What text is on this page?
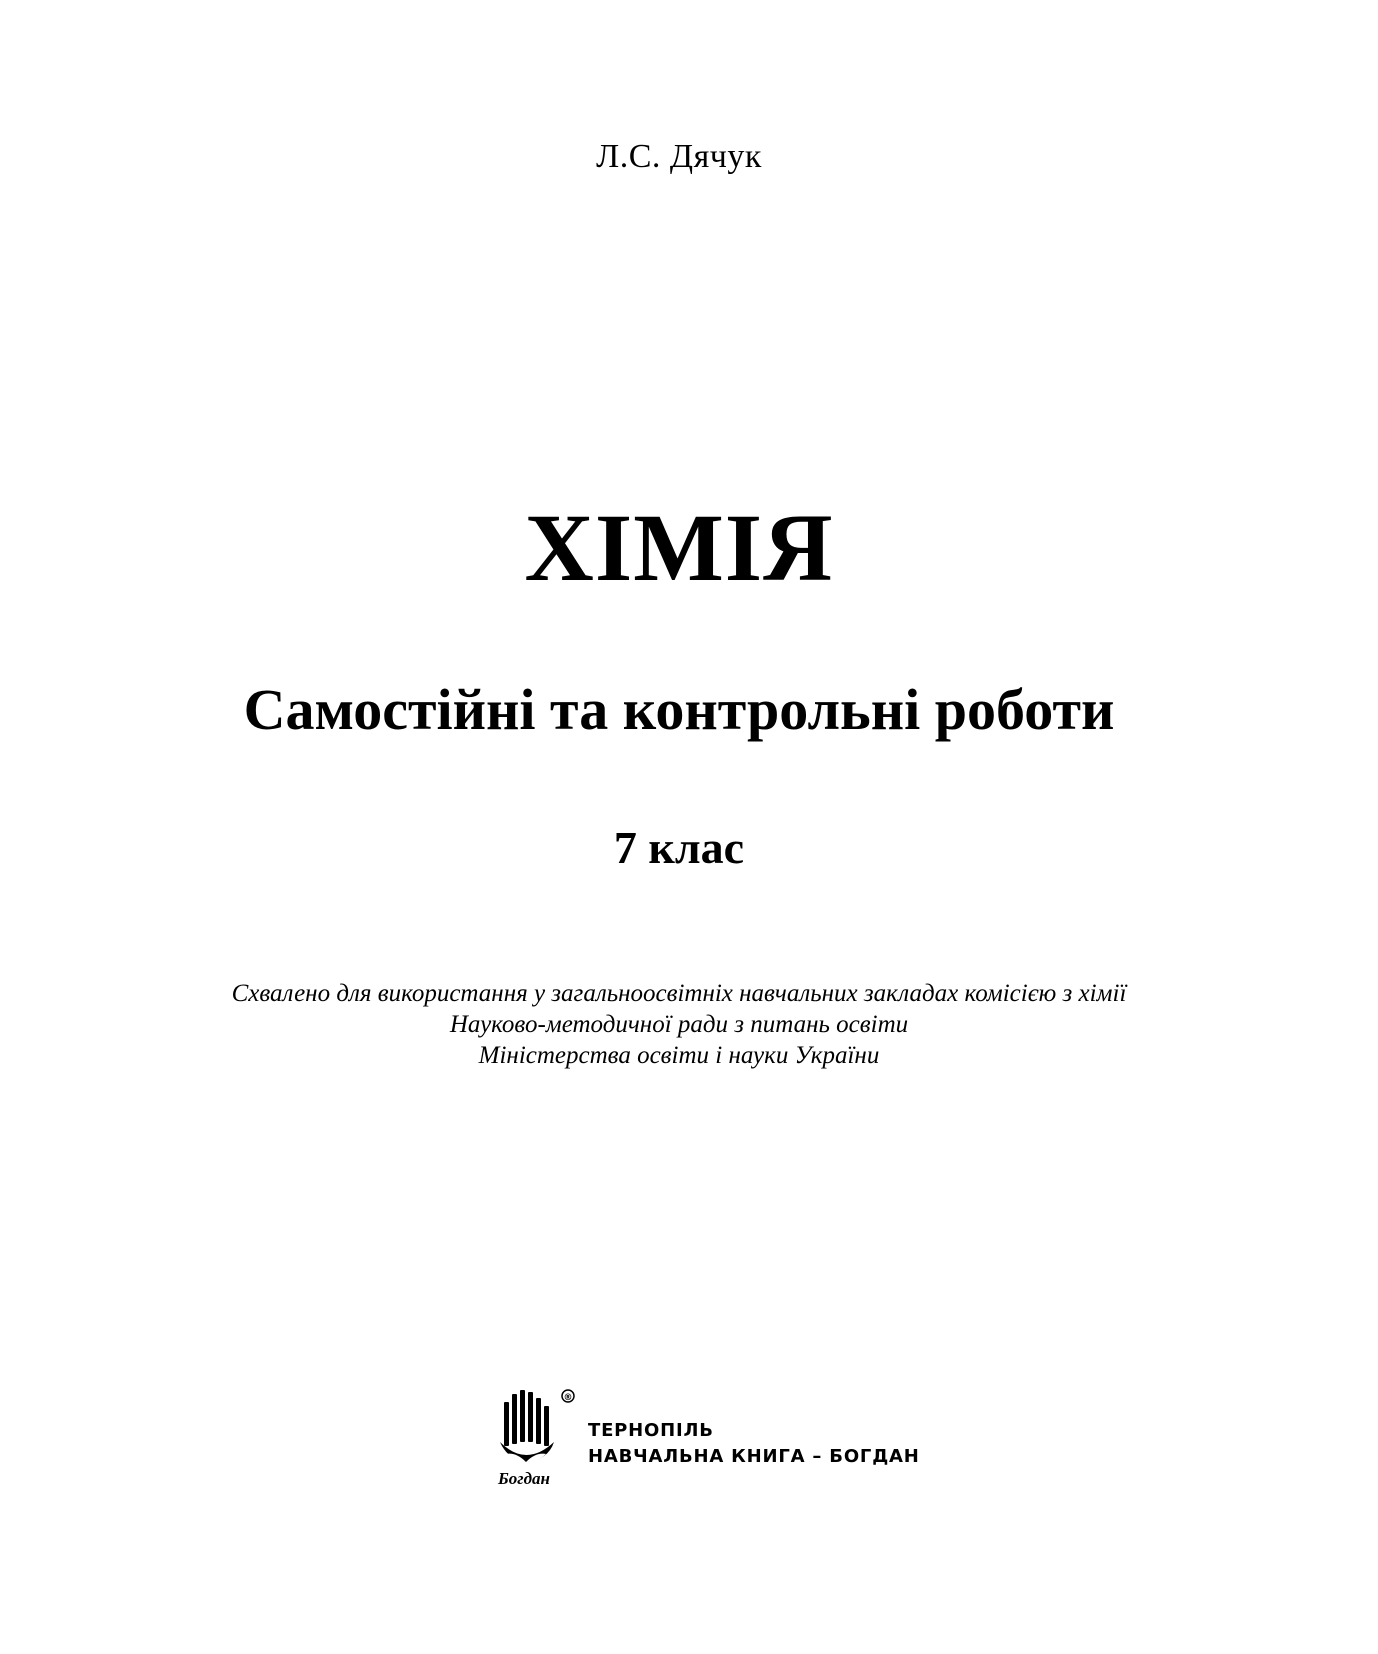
Л.С. Дячук
ХІМІЯ
Самостійні та контрольні роботи
7 клас
Схвалено для використання у загальноосвітніх навчальних закладах комісією з хімії
Науково-методичної ради з питань освіти
Міністерства освіти і науки України
Богдан
®
ТЕРНОПІЛЬ
НАВЧАЛЬНА КНИГА – БОГДАН
